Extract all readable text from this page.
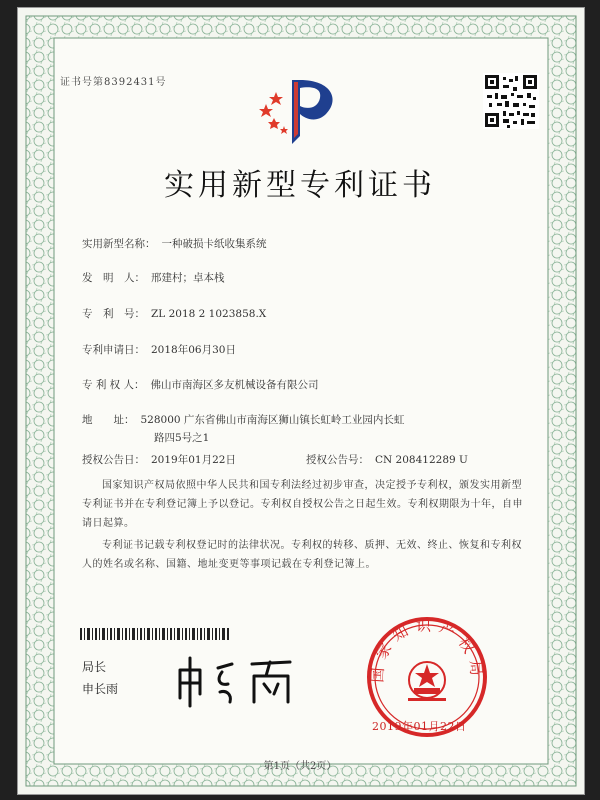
证书号第8392431号
实用新型专利证书
实用新型名称： 一种破损卡纸收集系统
发　明　人： 邢建村；卓本栈
专　利　号： ZL 2018 2 1023858.X
专利申请日： 2018年06月30日
专 利 权 人： 佛山市南海区多友机械设备有限公司
地　　址： 528000 广东省佛山市南海区狮山镇长虹岭工业园内长虹
路四5号之1
授权公告日： 2019年01月22日	授权公告号： CN 208412289 U
国家知识产权局依照中华人民共和国专利法经过初步审查，决定授予专利权，颁发实用新型专利证书并在专利登记簿上予以登记。专利权自授权公告之日起生效。专利权期限为十年，自申请日起算。
专利证书记载专利权登记时的法律状况。专利权的转移、质押、无效、终止、恢复和专利权人的姓名或名称、国籍、地址变更等事项记载在专利登记簿上。
局长
申长雨
国家知识产权局
2019年01月22日
第1页（共2页）
